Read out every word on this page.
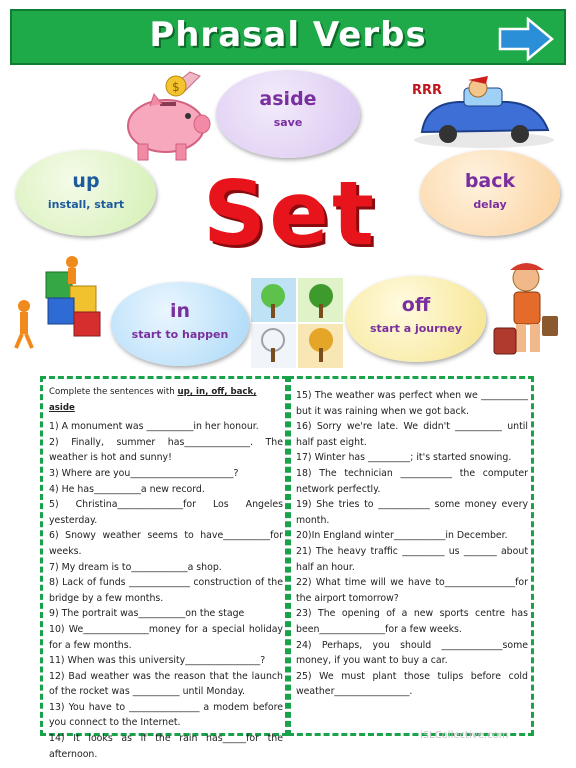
Phrasal Verbs
$	RRR
aside
save
up
install, start
back
delay
in
start to happen
off
start a journey
Set
Complete the sentences with up, in, off, back, aside

1) A monument was __________in her honour.

2) Finally, summer has______________. The weather is hot and sunny!

3) Where are you______________________?

4) He has__________a new record.

5) Christina______________for Los Angeles yesterday.

6) Snowy weather seems to have__________for weeks.

7) My dream is to____________a shop.

8) Lack of funds _____________ construction of the bridge by a few months.

9) The portrait was__________on the stage

10) We______________money for a special holiday for a few months.

11) When was this university________________?

12) Bad weather was the reason that the launch of the rocket was __________ until Monday.

13) You have to _______________ a modem before you connect to the Internet.

14) It looks as if the rain has_____for the afternoon.

15) The weather was perfect when we __________ but it was raining when we got back.

16) Sorry we're late. We didn't __________ until half past eight.

17) Winter has _________; it's started snowing.

18) The technician ___________ the computer network perfectly.

19) She tries to ___________ some money every month.

20)In England winter___________in December.

21) The heavy traffic _________ us _______ about half an hour.

22) What time will we have to_______________for the airport tomorrow?

23) The opening of a new sports centre has been______________for a few weeks.

24) Perhaps, you should _____________some money, if you want to buy a car.

25) We must plant those tulips before cold weather________________.

iSLCollective.com
